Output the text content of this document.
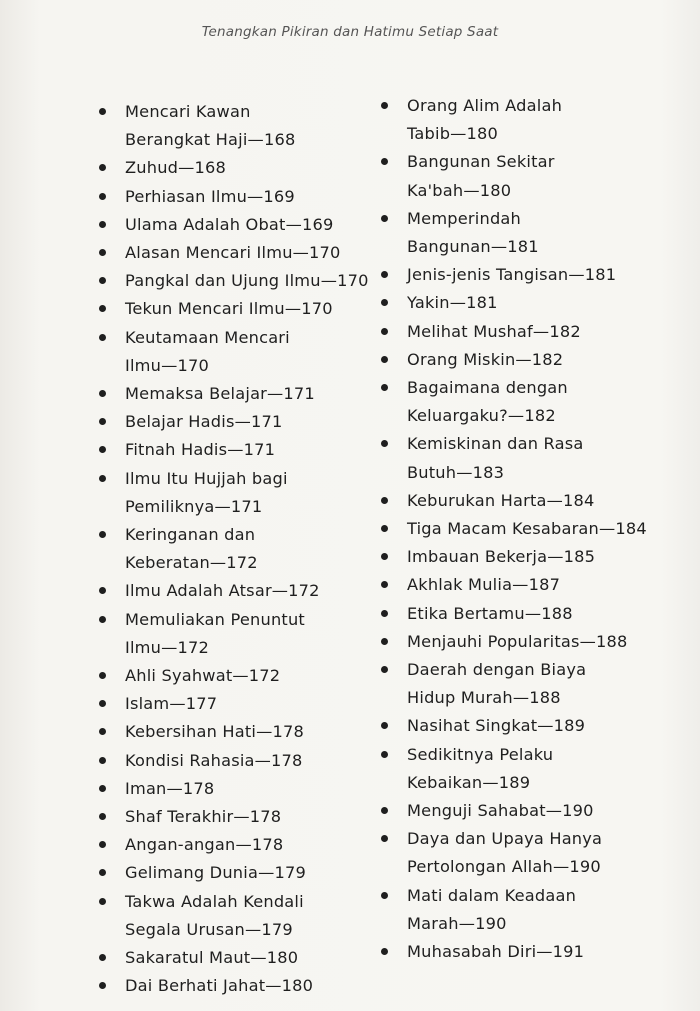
Tenangkan Pikiran dan Hatimu Setiap Saat
Mencari Kawan
Berangkat Haji—168
Zuhud—168
Perhiasan Ilmu—169
Ulama Adalah Obat—169
Alasan Mencari Ilmu—170
Pangkal dan Ujung Ilmu—170
Tekun Mencari Ilmu—170
Keutamaan Mencari
Ilmu—170
Memaksa Belajar—171
Belajar Hadis—171
Fitnah Hadis—171
Ilmu Itu Hujjah bagi
Pemiliknya—171
Keringanan dan
Keberatan—172
Ilmu Adalah Atsar—172
Memuliakan Penuntut
Ilmu—172
Ahli Syahwat—172
Islam—177
Kebersihan Hati—178
Kondisi Rahasia—178
Iman—178
Shaf Terakhir—178
Angan-angan—178
Gelimang Dunia—179
Takwa Adalah Kendali
Segala Urusan—179
Sakaratul Maut—180
Dai Berhati Jahat—180
Orang Alim Adalah
Tabib—180
Bangunan Sekitar
Ka'bah—180
Memperindah
Bangunan—181
Jenis-jenis Tangisan—181
Yakin—181
Melihat Mushaf—182
Orang Miskin—182
Bagaimana dengan
Keluargaku?—182
Kemiskinan dan Rasa
Butuh—183
Keburukan Harta—184
Tiga Macam Kesabaran—184
Imbauan Bekerja—185
Akhlak Mulia—187
Etika Bertamu—188
Menjauhi Popularitas—188
Daerah dengan Biaya
Hidup Murah—188
Nasihat Singkat—189
Sedikitnya Pelaku
Kebaikan—189
Menguji Sahabat—190
Daya dan Upaya Hanya
Pertolongan Allah—190
Mati dalam Keadaan
Marah—190
Muhasabah Diri—191
